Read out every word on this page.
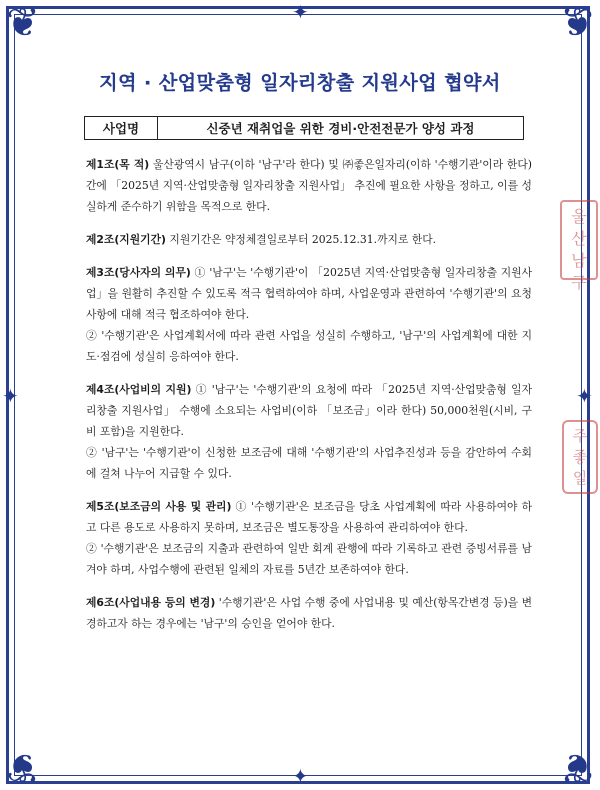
❦	❦
❦	❦
✦
✦
✦	✦
지역 · 산업맞춤형 일자리창출 지원사업 협약서
사업명	신중년 재취업을 위한 경비·안전전문가 양성 과정

제1조(목 적) 울산광역시 남구(이하 '남구'라 한다) 및 ㈜좋은일자리(이하 '수행기관'이라 한다) 간에 「2025년 지역·산업맞춤형 일자리창출 지원사업」 추진에 필요한 사항을 정하고, 이를 성실하게 준수하기 위함을 목적으로 한다.

제2조(지원기간) 지원기간은 약정체결일로부터 2025.12.31.까지로 한다.

제3조(당사자의 의무) ① '남구'는 '수행기관'이 「2025년 지역·산업맞춤형 일자리창출 지원사업」을 원활히 추진할 수 있도록 적극 협력하여야 하며, 사업운영과 관련하여 '수행기관'의 요청사항에 대해 적극 협조하여야 한다.
② '수행기관'은 사업계획서에 따라 관련 사업을 성실히 수행하고, '남구'의 사업계획에 대한 지도·점검에 성실히 응하여야 한다.

제4조(사업비의 지원) ① '남구'는 '수행기관'의 요청에 따라 「2025년 지역·산업맞춤형 일자리창출 지원사업」 수행에 소요되는 사업비(이하 「보조금」이라 한다) 50,000천원(시비, 구비 포함)을 지원한다.
② '남구'는 '수행기관'이 신청한 보조금에 대해 '수행기관'의 사업추진성과 등을 감안하여 수회에 걸쳐 나누어 지급할 수 있다.

제5조(보조금의 사용 및 관리) ① '수행기관'은 보조금을 당초 사업계획에 따라 사용하여야 하고 다른 용도로 사용하지 못하며, 보조금은 별도통장을 사용하여 관리하여야 한다.
② '수행기관'은 보조금의 지출과 관련하여 일반 회계 관행에 따라 기록하고 관련 증빙서류를 남겨야 하며, 사업수행에 관련된 일체의 자료를 5년간 보존하여야 한다.

제6조(사업내용 등의 변경) '수행기관'은 사업 수행 중에 사업내용 및 예산(항목간변경 등)을 변경하고자 하는 경우에는 '남구'의 승인을 얻어야 한다.

울산남구
주좋일
